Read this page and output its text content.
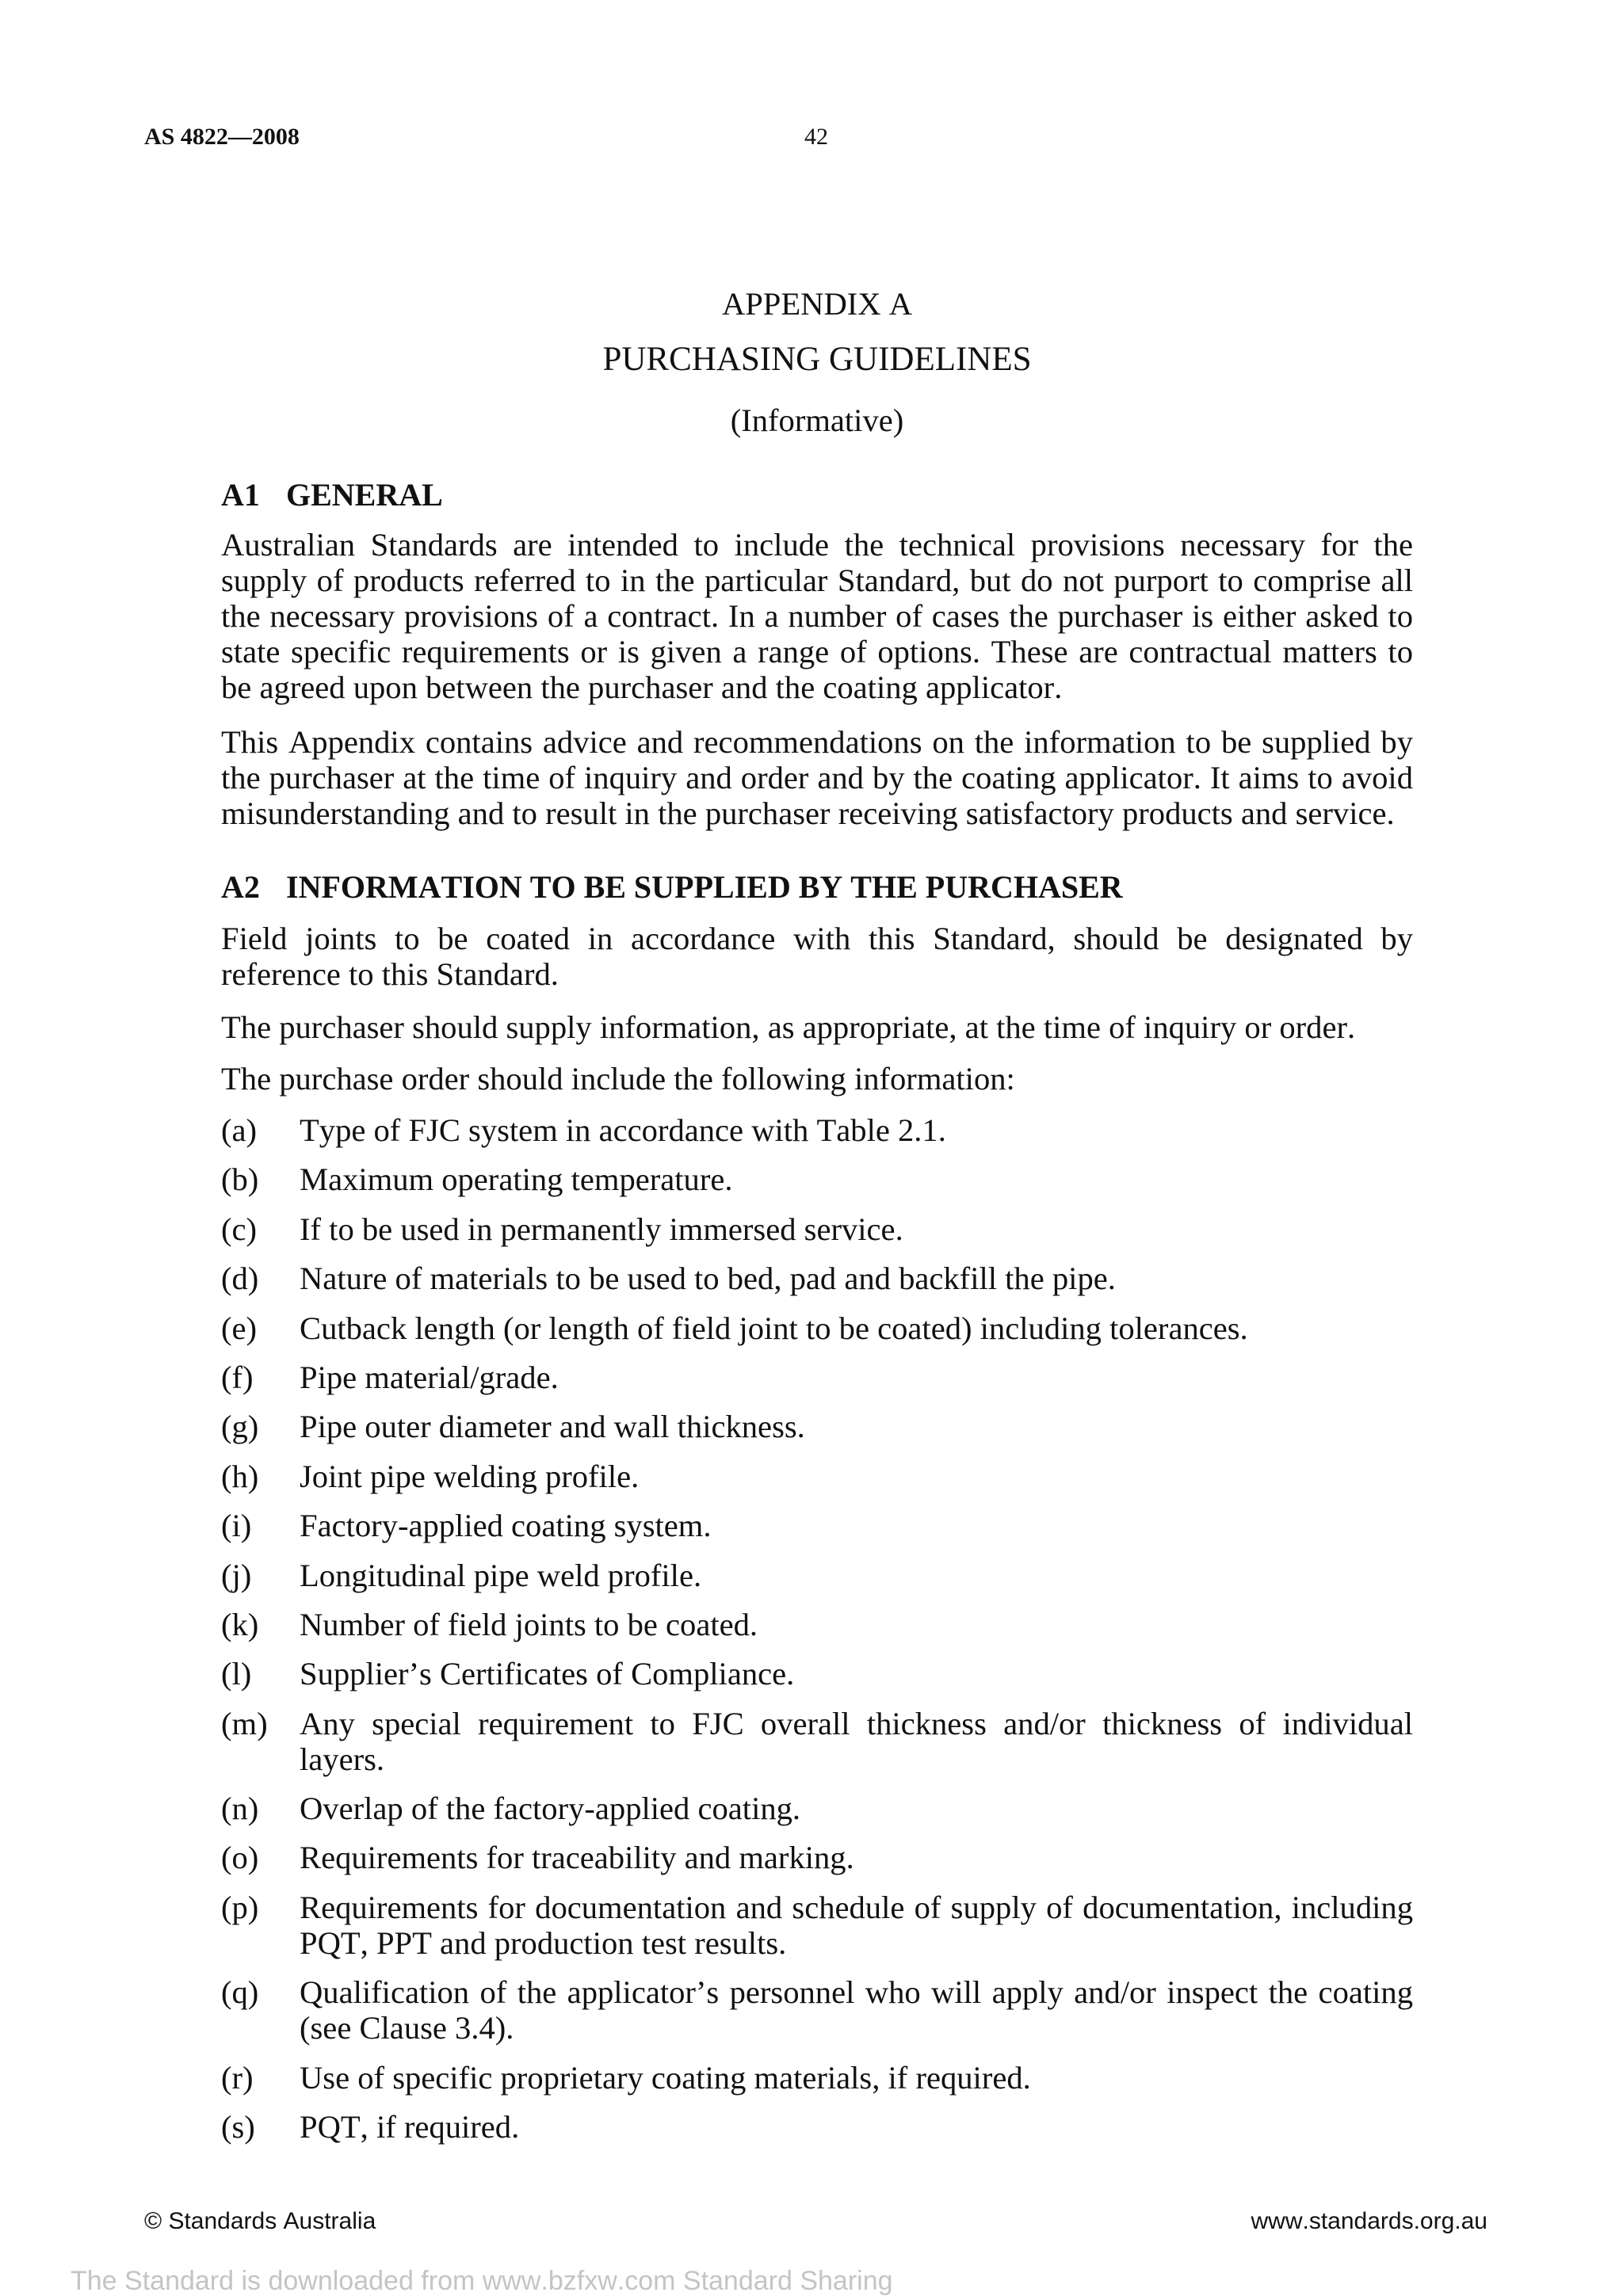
AS 4822—2008	42
APPENDIX A
PURCHASING GUIDELINES
(Informative)
A1 GENERAL
Australian Standards are intended to include the technical provisions necessary for the
supply of products referred to in the particular Standard, but do not purport to comprise all
the necessary provisions of a contract. In a number of cases the purchaser is either asked to
state specific requirements or is given a range of options. These are contractual matters to
be agreed upon between the purchaser and the coating applicator.
This Appendix contains advice and recommendations on the information to be supplied by
the purchaser at the time of inquiry and order and by the coating applicator. It aims to avoid
misunderstanding and to result in the purchaser receiving satisfactory products and service.
A2 INFORMATION TO BE SUPPLIED BY THE PURCHASER
Field joints to be coated in accordance with this Standard, should be designated by
reference to this Standard.
The purchaser should supply information, as appropriate, at the time of inquiry or order.
The purchase order should include the following information:
(a)	Type of FJC system in accordance with Table 2.1.
(b)	Maximum operating temperature.
(c)	If to be used in permanently immersed service.
(d)	Nature of materials to be used to bed, pad and backfill the pipe.
(e)	Cutback length (or length of field joint to be coated) including tolerances.
(f)	Pipe material/grade.
(g)	Pipe outer diameter and wall thickness.
(h)	Joint pipe welding profile.
(i)	Factory-applied coating system.
(j)	Longitudinal pipe weld profile.
(k)	Number of field joints to be coated.
(l)	Supplier’s Certificates of Compliance.
(m) Any special requirement to FJC overall thickness and/or thickness of individual
layers.
(n)	Overlap of the factory-applied coating.
(o)	Requirements for traceability and marking.
(p)	Requirements for documentation and schedule of supply of documentation, including
PQT, PPT and production test results.
(q)	Qualification of the applicator’s personnel who will apply and/or inspect the coating
(see Clause 3.4).
(r)	Use of specific proprietary coating materials, if required.
(s)	PQT, if required.
© Standards Australia	www.standards.org.au
The Standard is downloaded from www.bzfxw.com Standard Sharing
